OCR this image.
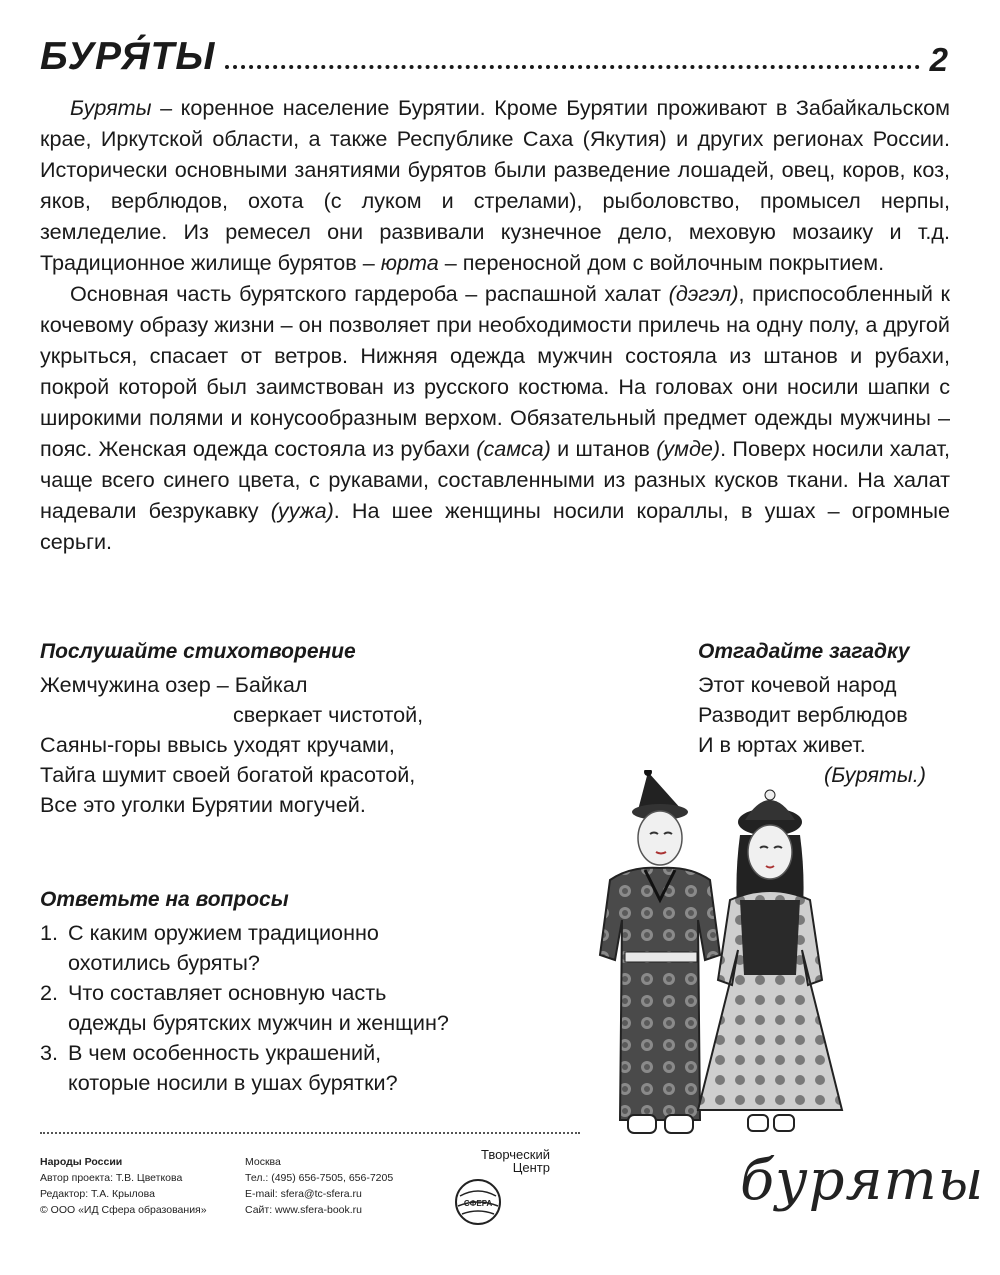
БУРЯ́ТЫ	2

Буряты – коренное население Бурятии. Кроме Бурятии проживают в Забайкальском крае, Иркутской области, а также Республике Саха (Якутия) и других регионах России. Исторически основными занятиями бурятов были разведение лошадей, овец, коров, коз, яков, верблюдов, охота (с луком и стрелами), рыболовство, промысел нерпы, земледелие. Из ремесел они развивали кузнечное дело, меховую мозаику и т.д. Традиционное жилище бурятов – юрта – переносной дом с войлочным покрытием.

Основная часть бурятского гардероба – распашной халат (дэгэл), приспособленный к кочевому образу жизни – он позволяет при необходимости прилечь на одну полу, а другой укрыться, спасает от ветров. Нижняя одежда мужчин состояла из штанов и рубахи, покрой которой был заимствован из русского костюма. На головах они носили шапки с широкими полями и конусообразным верхом. Обязательный предмет одежды мужчины – пояс. Женская одежда состояла из рубахи (самса) и штанов (умде). Поверх носили халат, чаще всего синего цвета, с рукавами, составленными из разных кусков ткани. На халат надевали безрукавку (уужа). На шее женщины носили кораллы, в ушах – огромные серьги.

Послушайте стихотворение
Жемчужина озер – Байкал
сверкает чистотой,
Саяны-горы ввысь уходят кручами,
Тайга шумит своей богатой красотой,
Все это уголки Бурятии могучей.
Отгадайте загадку
Этот кочевой народ
Разводит верблюдов
И в юртах живет.
(Буряты.)
Ответьте на вопросы
1. С каким оружием традиционно
охотились буряты?
2. Что составляет основную часть
одежды бурятских мужчин и женщин?
3. В чем особенность украшений,
которые носили в ушах бурятки?
Народы России
Автор проекта: Т.В. Цветкова
Редактор: Т.А. Крылова
© ООО «ИД Сфера образования»
Москва
Тел.: (495) 656-7505, 656-7205
E-mail: sfera@tc-sfera.ru
Сайт: www.sfera-book.ru
Творческий
Центр
СФЕРА	буряты
